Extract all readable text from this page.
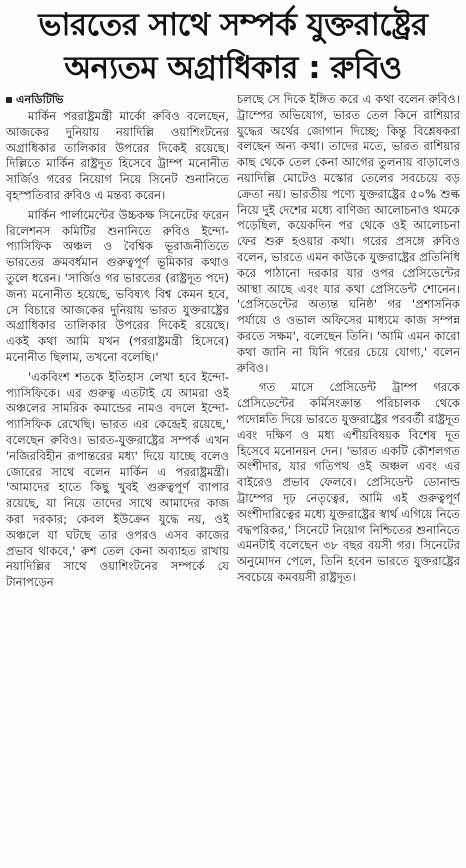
ভারতের সাথে সম্পর্ক যুক্তরাষ্ট্রের
অন্যতম অগ্রাধিকার : রুবিও
এনডিটিভি

মার্কিন পররাষ্ট্রমন্ত্রী মার্কো রুবিও বলেছেন, আজকের দুনিয়ায় নয়াদিল্লি ওয়াশিংটনের অগ্রাধিকার তালিকার উপরের দিকেই রয়েছে। দিল্লিতে মার্কিন রাষ্ট্রদূত হিসেবে ট্রাম্প মনোনীত সার্জিও গরের নিয়োগ নিয়ে সিনেট শুনানিতে বৃহস্পতিবার রুবিও এ মন্তব্য করেন।

মার্কিন পার্লামেন্টের উচ্চকক্ষ সিনেটের ফরেন রিলেশনস কমিটির শুনানিতে রুবিও ইন্দো-প্যাসিফিক অঞ্চল ও বৈশ্বিক ভূরাজনীতিতে ভারতের ক্রমবর্ধমান গুরুত্বপূর্ণ ভূমিকার কথাও তুলে ধরেন। 'সার্জিও গর ভারতের (রাষ্ট্রদূত পদে) জন্য মনোনীত হয়েছে, ভবিষ্যৎ বিশ্ব কেমন হবে, সে বিচারে আজকের দুনিয়ায় ভারত যুক্তরাষ্ট্রের অগ্রাধিকার তালিকার উপরের দিকেই রয়েছে। একই কথা আমি যখন (পররাষ্ট্রমন্ত্রী হিসেবে) মনোনীত ছিলাম, তখনো বলেছি।'

'একবিংশ শতকে ইতিহাস লেখা হবে ইন্দো-প্যাসিফিকে। এর গুরুত্ব এতটাই যে আমরা ওই অঞ্চলের সামরিক কমান্ডের নামও বদলে ইন্দো-প্যাসিফিক রেখেছি। ভারত এর কেন্দ্রেই রয়েছে,' বলেছেন রুবিও। ভারত-যুক্তরাষ্ট্রের সম্পর্ক এখন 'নজিরবিহীন রূপান্তরের মধ্য' দিয়ে যাচ্ছে বলেও জোরের সাথে বলেন মার্কিন এ পররাষ্ট্রমন্ত্রী। 'আমাদের হাতে কিছু খুবই গুরুত্বপূর্ণ ব্যাপার রয়েছে, যা নিয়ে তাদের সাথে আমাদের কাজ করা দরকার; কেবল ইউক্রেন যুদ্ধে নয়, ওই অঞ্চলে যা ঘটছে তার ওপরও এসব কাজের প্রভাব থাকবে,' রুশ তেল কেনা অব্যাহত রাখায় নয়াদিল্লির সাথে ওয়াশিংটনের সম্পর্কে যে টানাপড়েন

চলছে সে দিকে ইঙ্গিত করে এ কথা বলেন রুবিও। ট্রাম্পের অভিযোগ, ভারত তেল কিনে রাশিয়ার যুদ্ধের অর্থের জোগান দিচ্ছে; কিন্তু বিশ্লেষকরা বলছেন অন্য কথা। তাদের মতে, ভারত রাশিয়ার কাছ থেকে তেল কেনা আগের তুলনায় বাড়ালেও নয়াদিল্লি মোটেও মস্কোর তেলের সবচেয়ে বড় ক্রেতা নয়। ভারতীয় পণ্যে যুক্তরাষ্ট্রের ৫০% শুল্ক নিয়ে দুই দেশের মধ্যে বাণিজ্য আলোচনাও থমকে পড়েছিল, কয়েকদিন পর থেকে ওই আলোচনা ফের শুরু হওয়ার কথা। গরের প্রসঙ্গে রুবিও বলেন, ভারতে এমন কাউকে যুক্তরাষ্ট্রের প্রতিনিধি করে পাঠানো দরকার যার ওপর প্রেসিডেন্টের আস্থা আছে এবং যার কথা প্রেসিডেন্ট শোনেন। 'প্রেসিডেন্টের অত্যন্ত ঘনিষ্ঠ' গর 'প্রশাসনিক পর্যায়ে ও ওভাল অফিসের মাধ্যমে কাজ সম্পন্ন করতে সক্ষম', বলেছেন তিনি। 'আমি এমন কারো কথা জানি না যিনি গরের চেয়ে যোগ্য,' বলেন রুবিও।

গত মাসে প্রেসিডেন্ট ট্রাম্প গরকে প্রেসিডেন্টের কর্মিসংক্রান্ত পরিচালক থেকে পদোন্নতি দিয়ে ভারতে যুক্তরাষ্ট্রের পরবর্তী রাষ্ট্রদূত এবং দক্ষিণ ও মধ্য এশীয়বিষয়ক বিশেষ দূত হিসেবে মনোনয়ন দেন। 'ভারত একটি কৌশলগত অংশীদার, যার গতিপথ ওই অঞ্চল এবং এর বাইরেও প্রভাব ফেলবে। প্রেসিডেন্ট ডোনাল্ড ট্রাম্পের দৃঢ় নেতৃত্বের, আমি এই গুরুত্বপূর্ণ অংশীদারিত্বের মধ্যে যুক্তরাষ্ট্রের স্বার্থ এগিয়ে নিতে বদ্ধপরিকর,' সিনেটে নিয়োগ নিশ্চিতের শুনানিতে এমনটাই বলেছেন ৩৮ বছর বয়সী গর। সিনেটের অনুমোদন পেলে, তিনি হবেন ভারতে যুক্তরাষ্ট্রের সবচেয়ে কমবয়সী রাষ্ট্রদূত।
